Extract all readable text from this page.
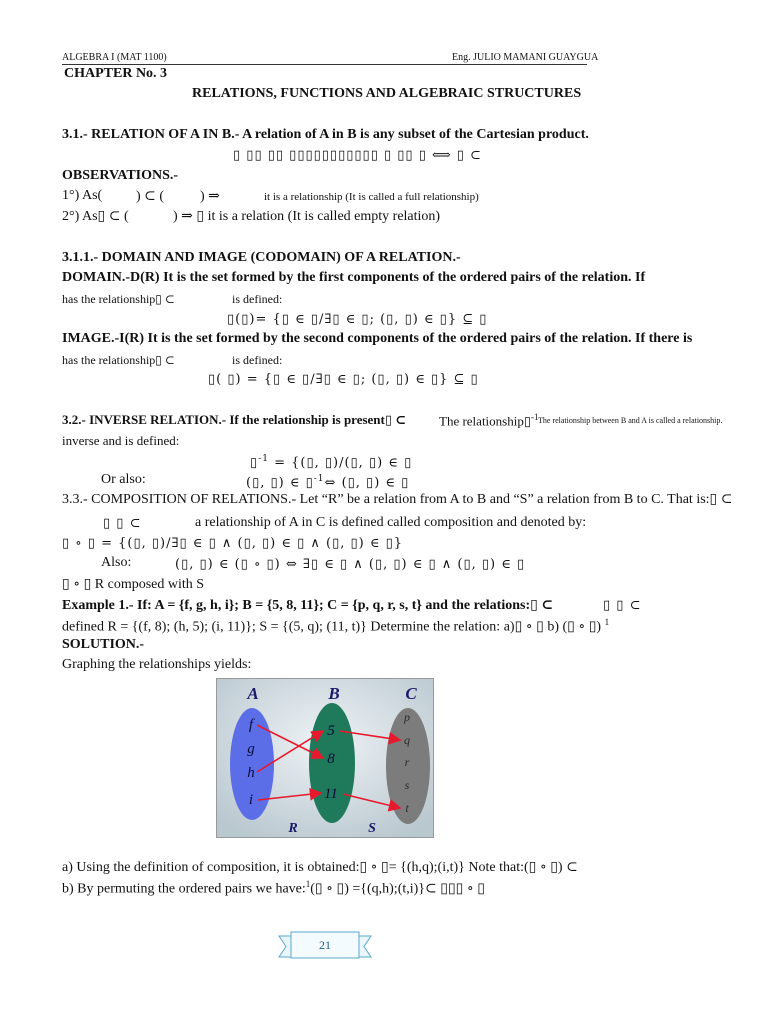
ALGEBRA I (MAT 1100)	Eng. JULIO MAMANI GUAYGUA
CHAPTER No. 3
RELATIONS, FUNCTIONS AND ALGEBRAIC STRUCTURES
3.1.- RELATION OF A IN B.- A relation of A in B is any subset of the Cartesian product.
▯ ▯▯ ▯▯ ▯▯▯▯▯▯▯▯▯▯▯ ▯ ▯▯ ▯ ⟺ ▯ ⊂
OBSERVATIONS.-
1°) As( ) ⊂ (	) ⇒	it is a relationship (It is called a full relationship)
2°) As▯ ⊂ (	) ⇒ ▯ it is a relation (It is called empty relation)
3.1.1.- DOMAIN AND IMAGE (CODOMAIN) OF A RELATION.-
DOMAIN.-D(R) It is the set formed by the first components of the ordered pairs of the relation. If
has the relationship▯ ⊂	is defined:
▯(▯)= {▯ ∈ ▯/∃▯ ∈ ▯; (▯, ▯) ∈ ▯} ⊆ ▯
IMAGE.-I(R) It is the set formed by the second components of the ordered pairs of the relation. If there is
has the relationship▯ ⊂	is defined:
▯( ▯) = {▯ ∈ ▯/∃▯ ∈ ▯; (▯, ▯) ∈ ▯} ⊆ ▯
3.2.- INVERSE RELATION.- If the relationship is present▯ ⊂	The relationship▯$^{-1}$ The relationship between B and A is called a relationship.
inverse and is defined:
▯$^{-1}$ = {(▯, ▯)/(▯, ▯) ∈ ▯
Or also:	(▯, ▯) ∈ ▯$^{-1}$⇔ (▯, ▯) ∈ ▯
3.3.- COMPOSITION OF RELATIONS.- Let “R” be a relation from A to B and “S” a relation from B to C. That is:▯ ⊂
▯ ▯ ⊂	a relationship of A in C is defined called composition and denoted by:
▯ ∘ ▯ = {(▯, ▯)/∃▯ ∈ ▯ ∧ (▯, ▯) ∈ ▯ ∧ (▯, ▯) ∈ ▯}
Also:	(▯, ▯) ∈ (▯ ∘ ▯) ⇔ ∃▯ ∈ ▯ ∧ (▯, ▯) ∈ ▯ ∧ (▯, ▯) ∈ ▯
▯ ∘ ▯ R composed with S
Example 1.- If: A = {f, g, h, i}; B = {5, 8, 11}; C = {p, q, r, s, t} and the relations:▯ ⊂	▯ ▯ ⊂
defined R = {(f, 8); (h, 5); (i, 11)}; S = {(5, q); (11, t)} Determine the relation: a)▯ ∘ ▯ b) (▯ ∘ ▯) $^1$
SOLUTION.-
Graphing the relationships yields:
A	B	C
f
g
h
i
5
8
11
p
q
r
s
t
R	S
a) Using the definition of composition, it is obtained:▯ ∘ ▯= {(h,q);(i,t)} Note that:(▯ ∘ ▯) ⊂
b) By permuting the ordered pairs we have:$^1$(▯ ∘ ▯) ={(q,h);(t,i)}⊂ ▯▯▯ ∘ ▯
21
